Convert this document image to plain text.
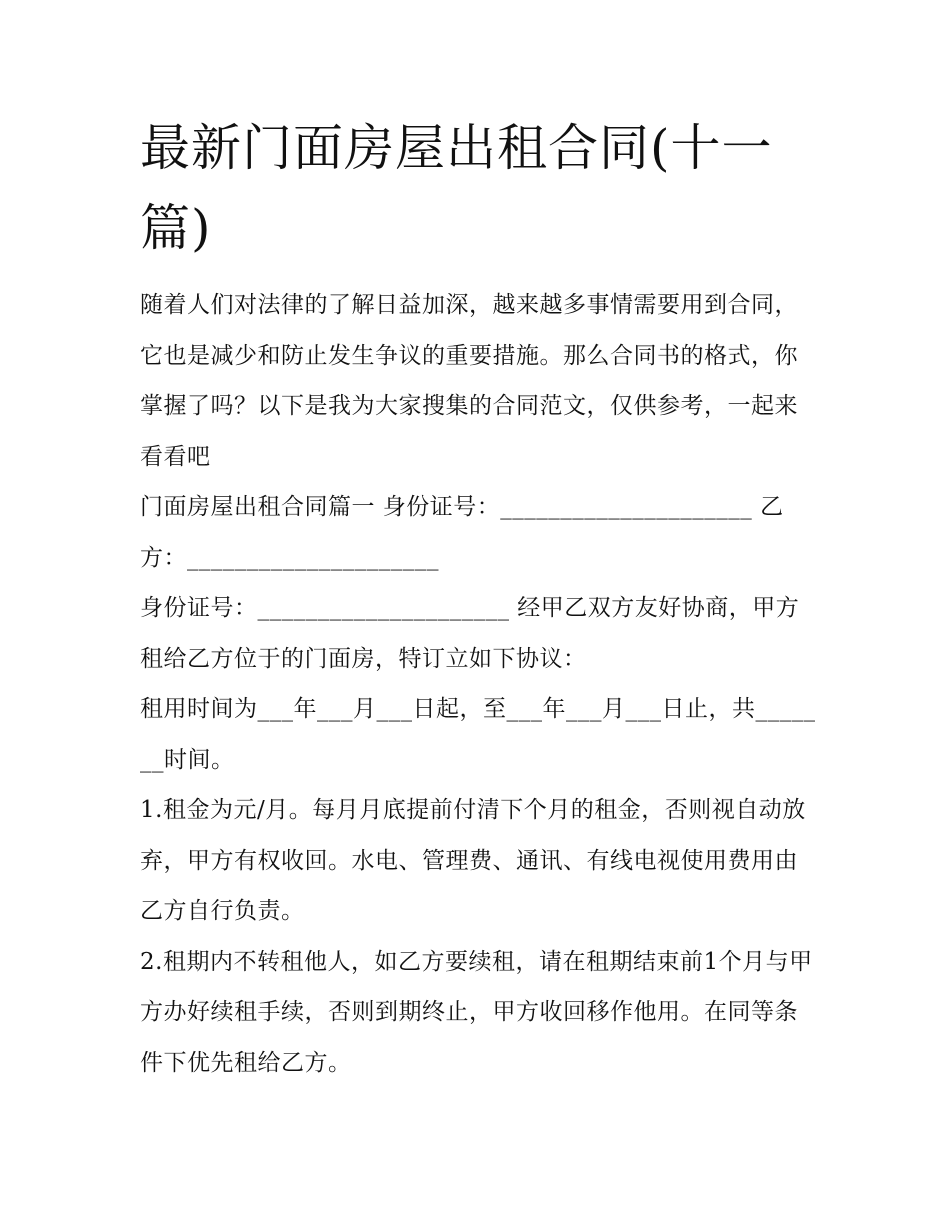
最新门面房屋出租合同(十一篇)

随着人们对法律的了解日益加深，越来越多事情需要用到合同，它也是减少和防止发生争议的重要措施。那么合同书的格式，你掌握了吗？以下是我为大家搜集的合同范文，仅供参考，一起来看看吧

门面房屋出租合同篇一 身份证号：_____________________ 乙方：_____________________

身份证号：_____________________ 经甲乙双方友好协商，甲方租给乙方位于的门面房，特订立如下协议：

租用时间为___年___月___日起，至___年___月___日止，共_______时间。

1.租金为元/月。每月月底提前付清下个月的租金，否则视自动放弃，甲方有权收回。水电、管理费、通讯、有线电视使用费用由乙方自行负责。

2.租期内不转租他人，如乙方要续租，请在租期结束前1个月与甲方办好续租手续，否则到期终止，甲方收回移作他用。在同等条件下优先租给乙方。
